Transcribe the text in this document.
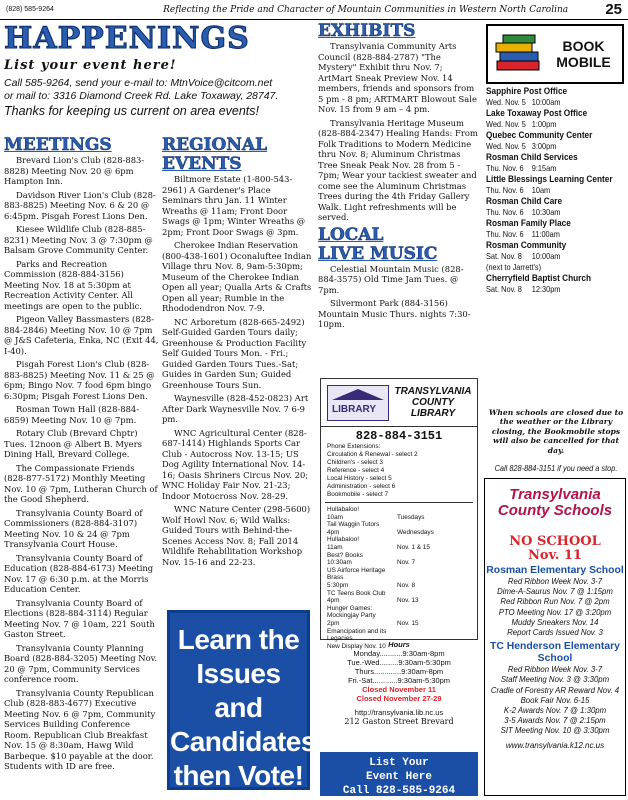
(828) 585-9264	Reflecting the Pride and Character of Mountain Communities in Western North Carolina	25
HAPPENINGS
List your event here!
Call 585-9264, send your e-mail to: MtnVoice@citcom.net
or mail to: 3316 Diamond Creek Rd. Lake Toxaway, 28747.
Thanks for keeping us current on area events!
MEETINGS
Brevard Lion's Club (828-883-8828) Meeting Nov. 20 @ 6pm Hampton Inn.
Davidson River Lion's Club (828-883-8825) Meeting Nov. 6 & 20 @ 6:45pm. Pisgah Forest Lions Den.
Kiesee Wildlife Club (828-885-8231) Meeting Nov. 3 @ 7:30pm @ Balsam Grove Community Center.
Parks and Recreation Commission (828-884-3156) Meeting Nov. 18 at 5:30pm at Recreation Activity Center. All meetings are open to the public.
Pigeon Valley Bassmasters (828-884-2846) Meeting Nov. 10 @ 7pm @ J&S Cafeteria, Enka, NC (Exit 44, I-40).
Pisgah Forest Lion's Club (828-883-8825) Meeting Nov. 11 & 25 @ 6pm; Bingo Nov. 7 food 6pm bingo 6:30pm; Pisgah Forest Lions Den.
Rosman Town Hall (828-884-6859) Meeting Nov. 10 @ 7pm.
Rotary Club (Brevard Chptr) Tues. 12noon @ Albert B. Myers Dining Hall, Brevard College.
The Compassionate Friends (828-877-5172) Monthly Meeting Nov. 10 @ 7pm, Lutheran Church of the Good Shepherd.
Transylvania County Board of Commissioners (828-884-3107) Meeting Nov. 10 & 24 @ 7pm Transylvania Court House.
Transylvania County Board of Education (828-884-6173) Meeting Nov. 17 @ 6:30 p.m. at the Morris Education Center.
Transylvania County Board of Elections (828-884-3114) Regular Meeting Nov. 7 @ 10am, 221 South Gaston Street.
Transylvania County Planning Board (828-884-3205) Meeting Nov. 20 @ 7pm, Community Services conference room.
Transylvania County Republican Club (828-883-4677) Executive Meeting Nov. 6 @ 7pm, Community Services Building Conference Room. Republican Club Breakfast Nov. 15 @ 8:30am, Hawg Wild Barbeque. $10 payable at the door. Students with ID are free.
REGIONAL
EVENTS
Biltmore Estate (1-800-543-2961) A Gardener's Place Seminars thru Jan. 11 Winter Wreaths @ 11am; Front Door Swags @ 1pm; Winter Wreaths @ 2pm; Front Door Swags @ 3pm.
Cherokee Indian Reservation (800-438-1601) Oconaluftee Indian Village thru Nov. 8, 9am-5:30pm; Museum of the Cherokee Indian Open all year; Qualla Arts & Crafts Open all year; Rumble in the Rhododendron Nov. 7-9.
NC Arboretum (828-665-2492) Self-Guided Garden Tours daily; Greenhouse & Production Facility Self Guided Tours Mon. - Fri.; Guided Garden Tours Tues.-Sat; Guides in Garden Sun; Guided Greenhouse Tours Sun.
Waynesville (828-452-0823) Art After Dark Waynesville Nov. 7 6-9 pm.
WNC Agricultural Center (828-687-1414) Highlands Sports Car Club - Autocross Nov. 13-15; US Dog Agility International Nov. 14-16; Oasis Shriners Circus Nov. 20; WNC Holiday Fair Nov. 21-23; Indoor Motocross Nov. 28-29.
WNC Nature Center (298-5600) Wolf Howl Nov. 6; Wild Walks: Guided Tours with Behind-the-Scenes Access Nov. 8; Fall 2014 Wildlife Rehabilitation Workshop Nov. 15-16 and 22-23.
Learn the Issues and Candidates then Vote!
EXHIBITS
Transylvania Community Arts Council (828-884-2787) "The Mystery" Exhibit thru Nov. 7; ArtMart Sneak Preview Nov. 14 members, friends and sponsors from 5 pm - 8 pm; ARTMART Blowout Sale Nov. 15 from 9 am – 4 pm.
Transylvania Heritage Museum (828-884-2347) Healing Hands: From Folk Traditions to Modern Medicine thru Nov. 8; Aluminum Christmas Tree Sneak Peak Nov. 28 from 5 - 7pm; Wear your tackiest sweater and come see the Aluminum Christmas Trees during the 4th Friday Gallery Walk. Light refreshments will be served.
LOCAL
LIVE MUSIC
Celestial Mountain Music (828-884-3575) Old Time Jam Tues. @ 7pm.
Silvermont Park (884-3156) Mountain Music Thurs. nights 7:30-10pm.
LIBRARY
TRANSYLVANIA COUNTY LIBRARY
828-884-3151
Phone Extensions:
Circulation & Renewal - select 2
Children's - select 3
Reference - select 4
Local History - select 5
Administration - select 6
Bookmobile - select 7
Hullabaloo!
10am	Tuesdays
Tail Waggin Tutors
4pm	Wednesdays
Hullabaloo!
11am	Nov. 1 & 15
Best? Books
10:30am	Nov. 7
US Airforce Heritage Brass
5:30pm	Nov. 8
TC Teens Book Club
4pm	Nov. 13
Hunger Games: Mockingjay Party
2pm	Nov. 15
Emancipation and its Legacies
New Display Nov. 10 Hours
Monday...........9:30am-8pm
Tue.-Wed.........9:30am-5:30pm
Thurs.............9:30am-8pm
Fri.-Sat............9:30am-5:30pm
Closed November 11
Closed November 27-29
http://transylvania.lib.nc.us
212 Gaston Street Brevard
List Your
Event Here
Call 828-585-9264
BOOK
MOBILE
Sapphire Post Office
Wed. Nov. 5 10:00am
Lake Toxaway Post Office
Wed. Nov. 5 1:00pm
Quebec Community Center
Wed. Nov. 5 3:00pm
Rosman Child Services
Thu. Nov. 6 9:15am
Little Blessings Learning Center
Thu. Nov. 6 10am
Rosman Child Care
Thu. Nov. 6 10:30am
Rosman Family Place
Thu. Nov. 6 11:00am
Rosman Community
Sat. Nov. 8	10:00am
(next to Jarrett's)
Cherryfield Baptist Church
Sat. Nov. 8	12:30pm
When schools are closed due to the weather or the Library closing, the Bookmobile stops will also be cancelled for that day.
Call 828-884-3151 if you need a stop.
Transylvania
County Schools
NO SCHOOL
Nov. 11
Rosman Elementary School
Red Ribbon Week Nov. 3-7
Dime-A-Saurus Nov. 7 @ 1:15pm
Red Ribbon Run Nov. 7 @ 2pm
PTO Meeting Nov. 17 @ 3:20pm
Muddy Sneakers Nov. 14
Report Cards Issued Nov. 3
TC Henderson Elementary School
Red Ribbon Week Nov. 3-7
Staff Meeting Nov. 3 @ 3:30pm
Cradle of Forestry AR Reward Nov. 4
Book Fair Nov. 6-15
K-2 Awards Nov. 7 @ 1:30pm
3-5 Awards Nov. 7 @ 2:15pm
SIT Meeting Nov. 10 @ 3:30pm
www.transylvania.k12.nc.us
